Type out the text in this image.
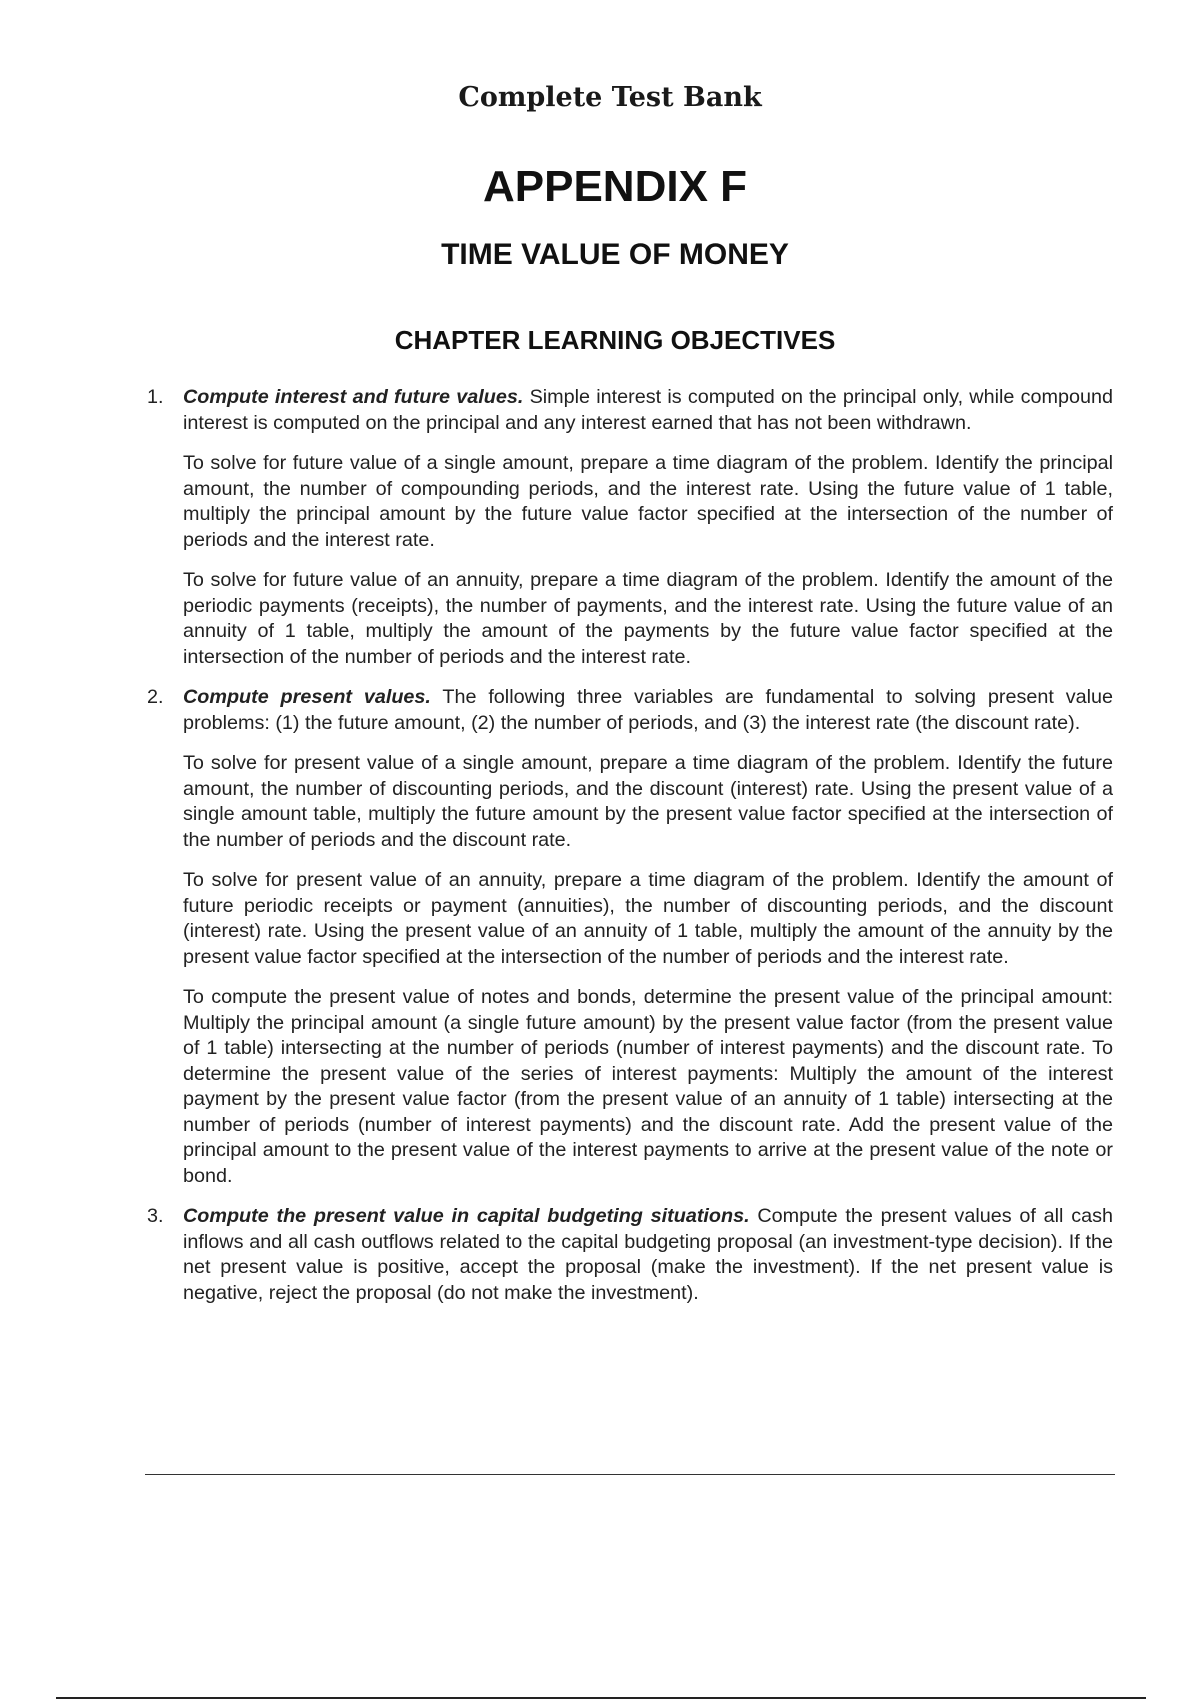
Complete Test Bank
APPENDIX F
TIME VALUE OF MONEY
CHAPTER LEARNING OBJECTIVES
1. Compute interest and future values. Simple interest is computed on the principal only, while compound interest is computed on the principal and any interest earned that has not been withdrawn.

To solve for future value of a single amount, prepare a time diagram of the problem. Identify the principal amount, the number of compounding periods, and the interest rate. Using the future value of 1 table, multiply the principal amount by the future value factor specified at the intersection of the number of periods and the interest rate.

To solve for future value of an annuity, prepare a time diagram of the problem. Identify the amount of the periodic payments (receipts), the number of payments, and the interest rate. Using the future value of an annuity of 1 table, multiply the amount of the payments by the future value factor specified at the intersection of the number of periods and the interest rate.

2. Compute present values. The following three variables are fundamental to solving present value problems: (1) the future amount, (2) the number of periods, and (3) the interest rate (the discount rate).

To solve for present value of a single amount, prepare a time diagram of the problem. Identify the future amount, the number of discounting periods, and the discount (interest) rate. Using the present value of a single amount table, multiply the future amount by the present value factor specified at the intersection of the number of periods and the discount rate.

To solve for present value of an annuity, prepare a time diagram of the problem. Identify the amount of future periodic receipts or payment (annuities), the number of discounting periods, and the discount (interest) rate. Using the present value of an annuity of 1 table, multiply the amount of the annuity by the present value factor specified at the intersection of the number of periods and the interest rate.

To compute the present value of notes and bonds, determine the present value of the principal amount: Multiply the principal amount (a single future amount) by the present value factor (from the present value of 1 table) intersecting at the number of periods (number of interest payments) and the discount rate. To determine the present value of the series of interest payments: Multiply the amount of the interest payment by the present value factor (from the present value of an annuity of 1 table) intersecting at the number of periods (number of interest payments) and the discount rate. Add the present value of the principal amount to the present value of the interest payments to arrive at the present value of the note or bond.

3. Compute the present value in capital budgeting situations. Compute the present values of all cash inflows and all cash outflows related to the capital budgeting proposal (an investment-type decision). If the net present value is positive, accept the proposal (make the investment). If the net present value is negative, reject the proposal (do not make the investment).
